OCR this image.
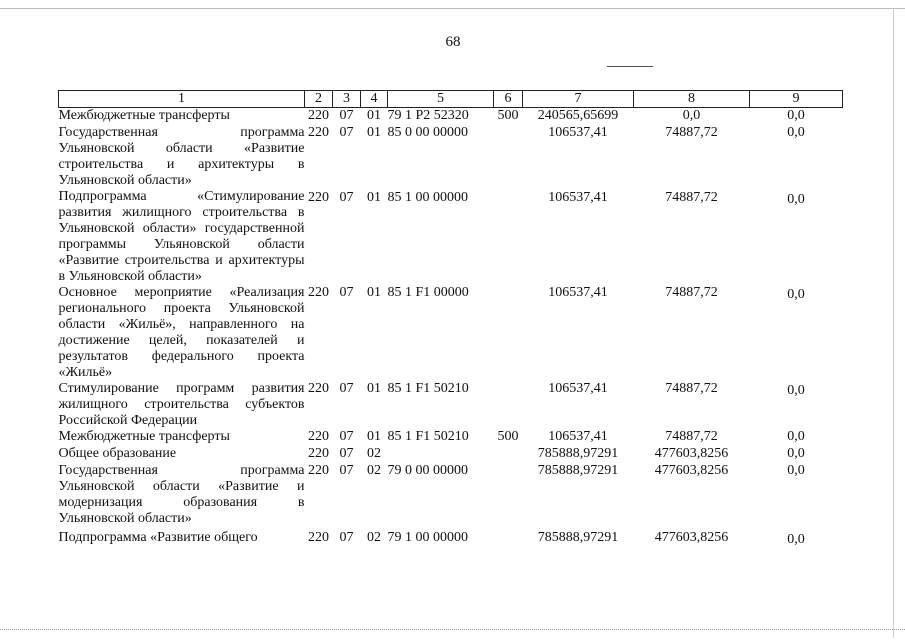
68
1	2	3	4	5	6	7	8	9
Межбюджетные трансферты	220	07	01	79 1 P2 52320	500	240565,65699	0,0	0,0
Государственная программа Ульяновской области «Развитие строительства и архитектуры в Ульяновской области»	220	07	01	85 0 00 00000		106537,41	74887,72	0,0
Подпрограмма «Стимулирование развития жилищного строительства в Ульяновской области» государственной программы Ульяновской области «Развитие строительства и архитектуры в Ульяновской области»	220	07	01	85 1 00 00000		106537,41	74887,72	0,0
Основное мероприятие «Реализация регионального проекта Ульяновской области «Жильё», направленного на достижение целей, показателей и результатов федерального проекта «Жильё»	220	07	01	85 1 F1 00000		106537,41	74887,72	0,0
Стимулирование программ развития жилищного строительства субъектов Российской Федерации	220	07	01	85 1 F1 50210		106537,41	74887,72	0,0
Межбюджетные трансферты	220	07	01	85 1 F1 50210	500	106537,41	74887,72	0,0
Общее образование	220	07	02			785888,97291	477603,8256	0,0
Государственная программа Ульяновской области «Развитие и модернизация образования в Ульяновской области»	220	07	02	79 0 00 00000		785888,97291	477603,8256	0,0
Подпрограмма «Развитие общего	220	07	02	79 1 00 00000		785888,97291	477603,8256	0,0
